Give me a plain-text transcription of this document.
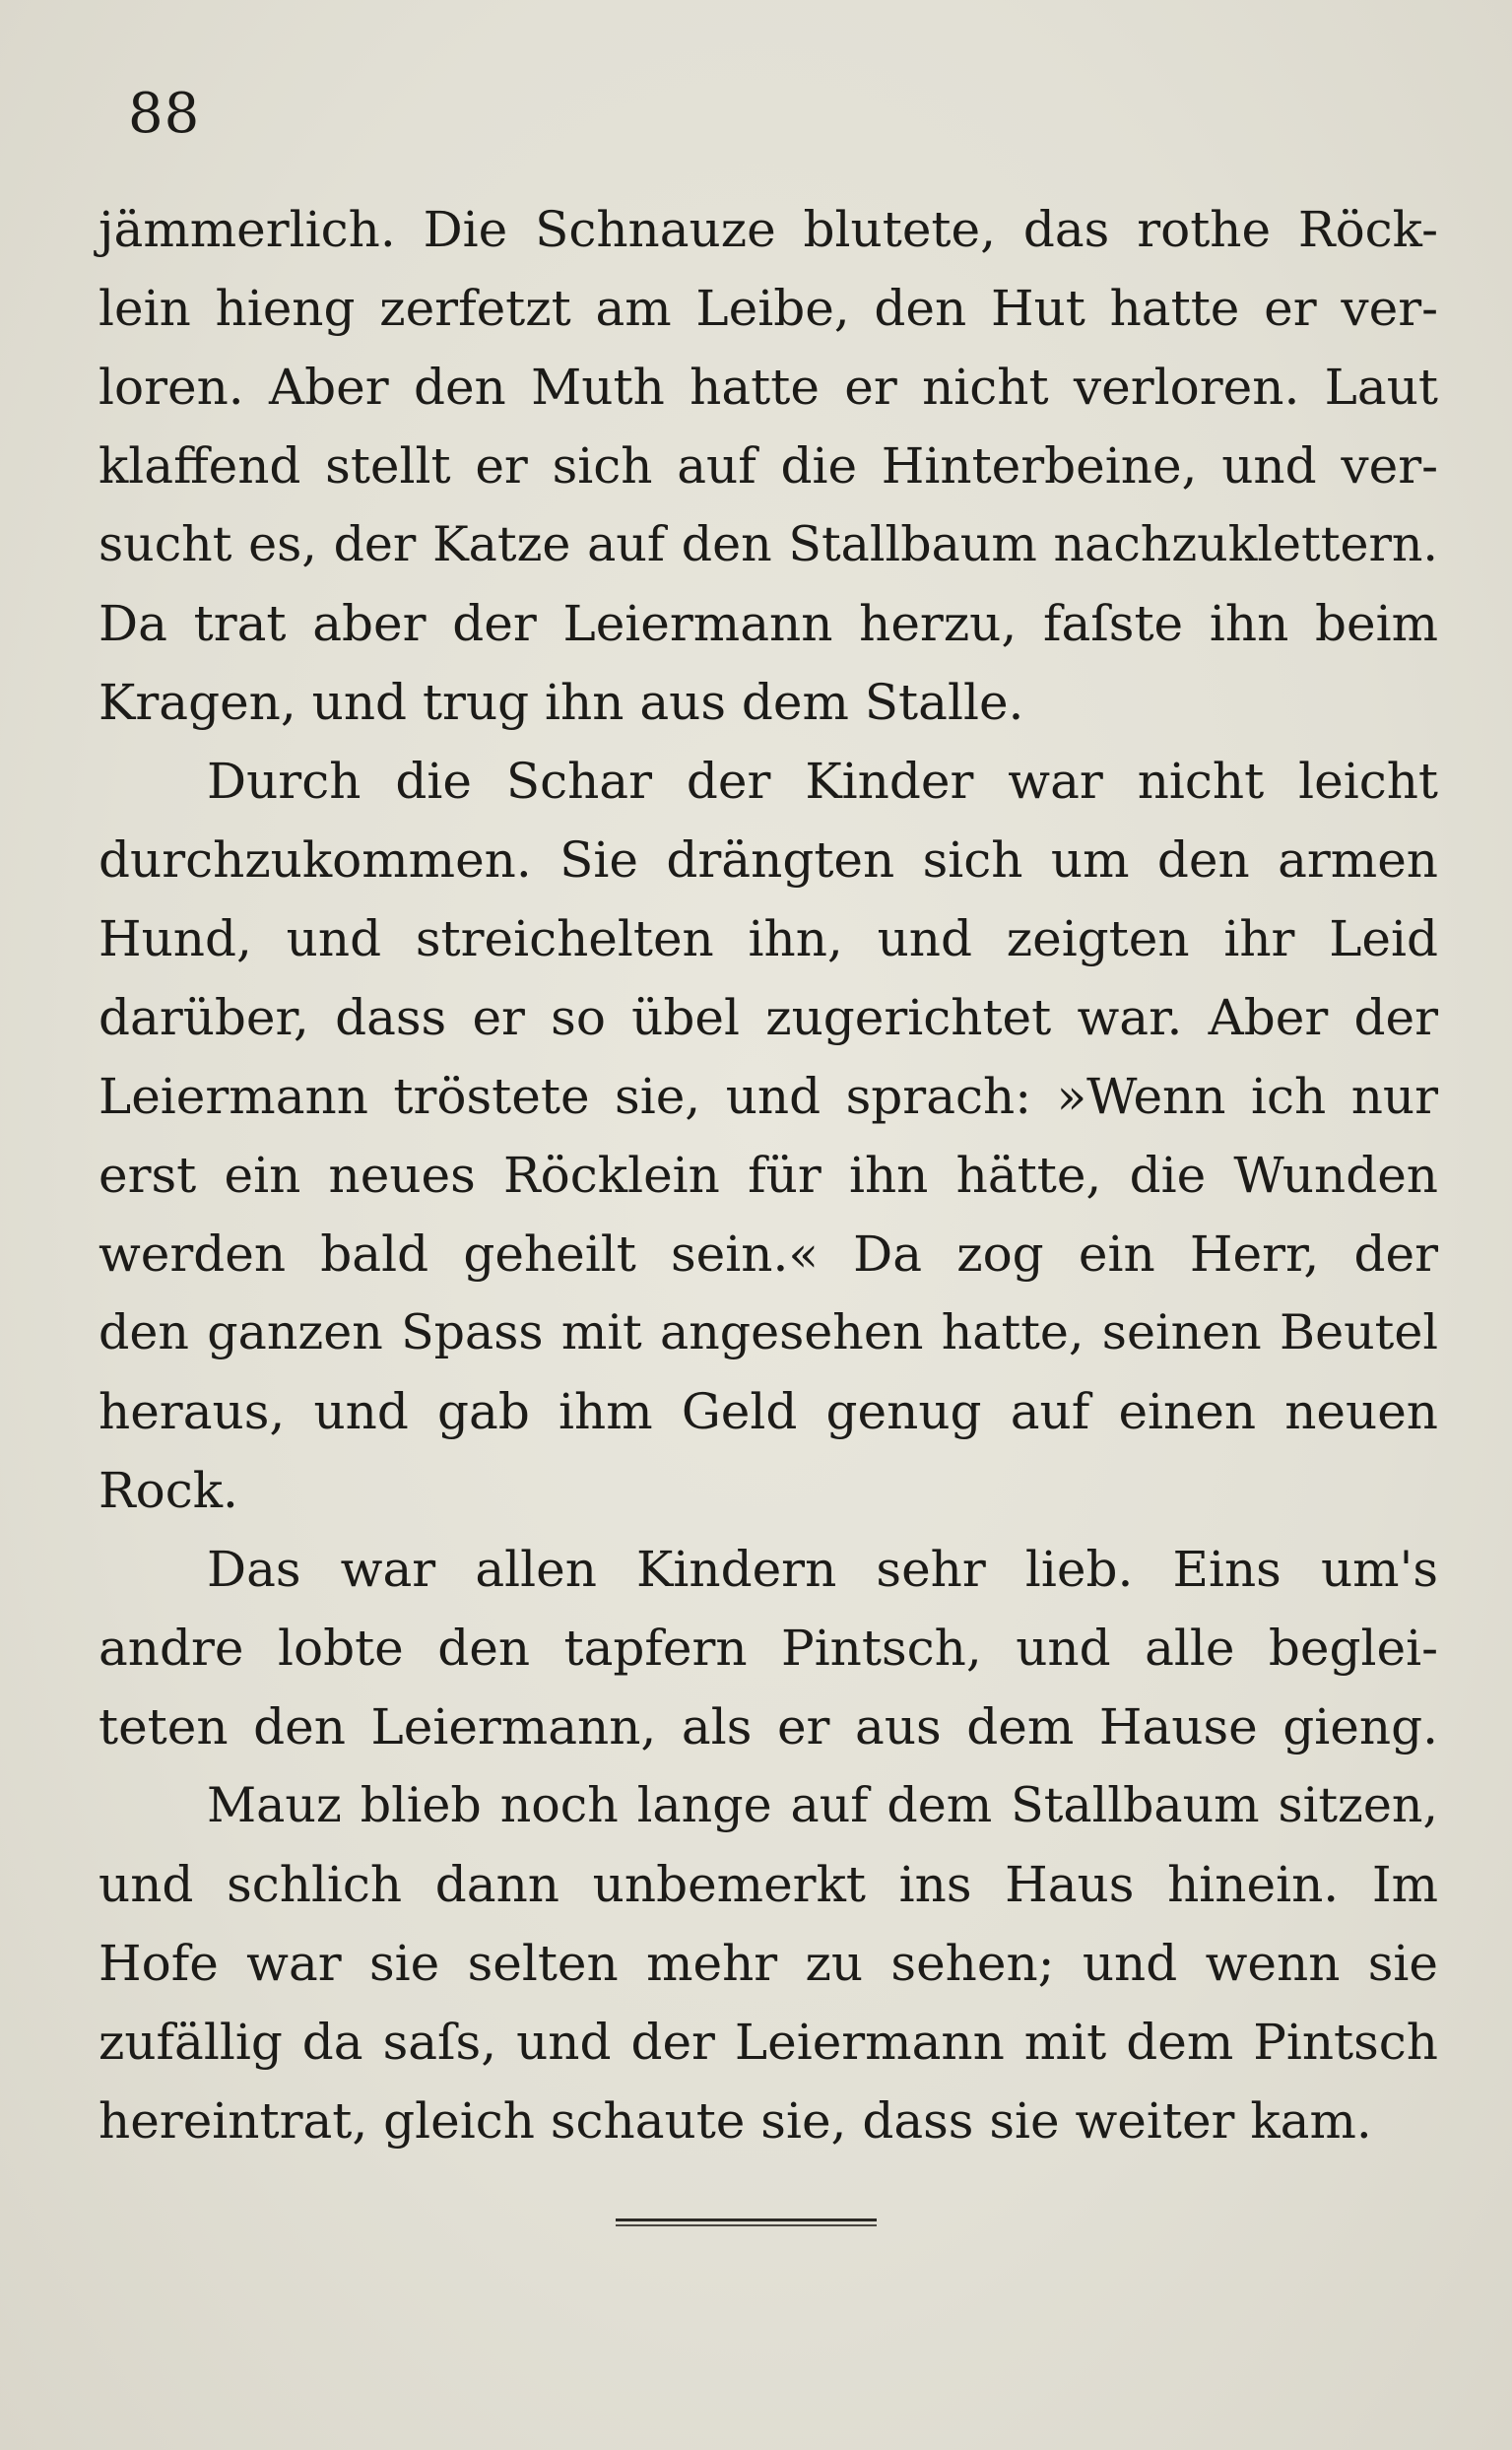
88
jämmerlich. Die Schnauze blutete, das rothe Röck-
lein hieng zerfetzt am Leibe, den Hut hatte er ver-
loren. Aber den Muth hatte er nicht verloren. Laut
klaffend stellt er sich auf die Hinterbeine, und ver-
sucht es, der Katze auf den Stallbaum nachzuklettern.
Da trat aber der Leiermann herzu, faſste ihn beim
Kragen, und trug ihn aus dem Stalle.
Durch die Schar der Kinder war nicht leicht
durchzukommen. Sie drängten sich um den armen
Hund, und streichelten ihn, und zeigten ihr Leid
darüber, dass er so übel zugerichtet war. Aber der
Leiermann tröstete sie, und sprach: »Wenn ich nur
erst ein neues Röcklein für ihn hätte, die Wunden
werden bald geheilt sein.« Da zog ein Herr, der
den ganzen Spass mit angesehen hatte, seinen Beutel
heraus, und gab ihm Geld genug auf einen neuen
Rock.
Das war allen Kindern sehr lieb. Eins um's
andre lobte den tapfern Pintsch, und alle beglei-
teten den Leiermann, als er aus dem Hause gieng.
Mauz blieb noch lange auf dem Stallbaum sitzen,
und schlich dann unbemerkt ins Haus hinein. Im
Hofe war sie selten mehr zu sehen; und wenn sie
zufällig da saſs, und der Leiermann mit dem Pintsch
hereintrat, gleich schaute sie, dass sie weiter kam.
